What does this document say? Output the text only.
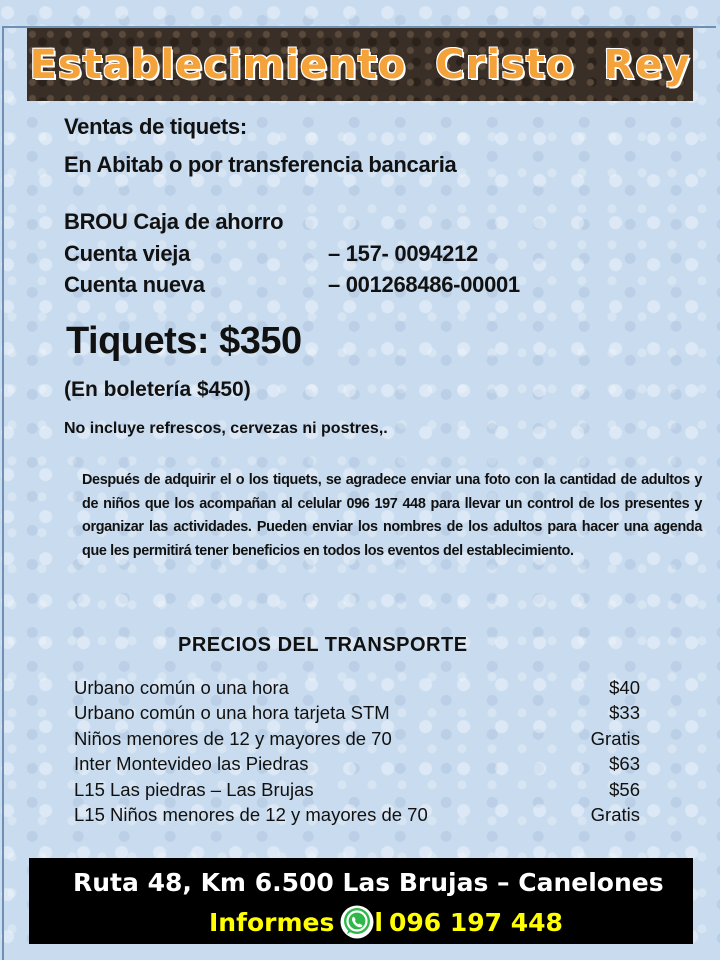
Establecimiento Cristo Rey
Ventas de tiquets:
En Abitab o por transferencia bancaria
BROU Caja de ahorro
Cuenta vieja	– 157- 0094212
Cuenta nueva	– 001268486-00001
Tiquets: $350
(En boletería $450)
No incluye refrescos, cervezas ni postres,.
Después de adquirir el o los tiquets, se agradece enviar una foto con la cantidad de adultos y de niños que los acompañan al celular 096 197 448 para llevar un control de los presentes y organizar las actividades. Pueden enviar los nombres de los adultos para hacer una agenda que les permitirá tener beneficios en todos los eventos del establecimiento.
PRECIOS DEL TRANSPORTE
Urbano común o una hora	$40
Urbano común o una hora tarjeta STM	$33
Niños menores de 12 y mayores de 70	Gratis
Inter Montevideo las Piedras	$63
L15 Las piedras – Las Brujas	$56
L15 Niños menores de 12 y mayores de 70	Gratis
Ruta 48, Km 6.500 Las Brujas – Canelones
Informes l 096 197 448
